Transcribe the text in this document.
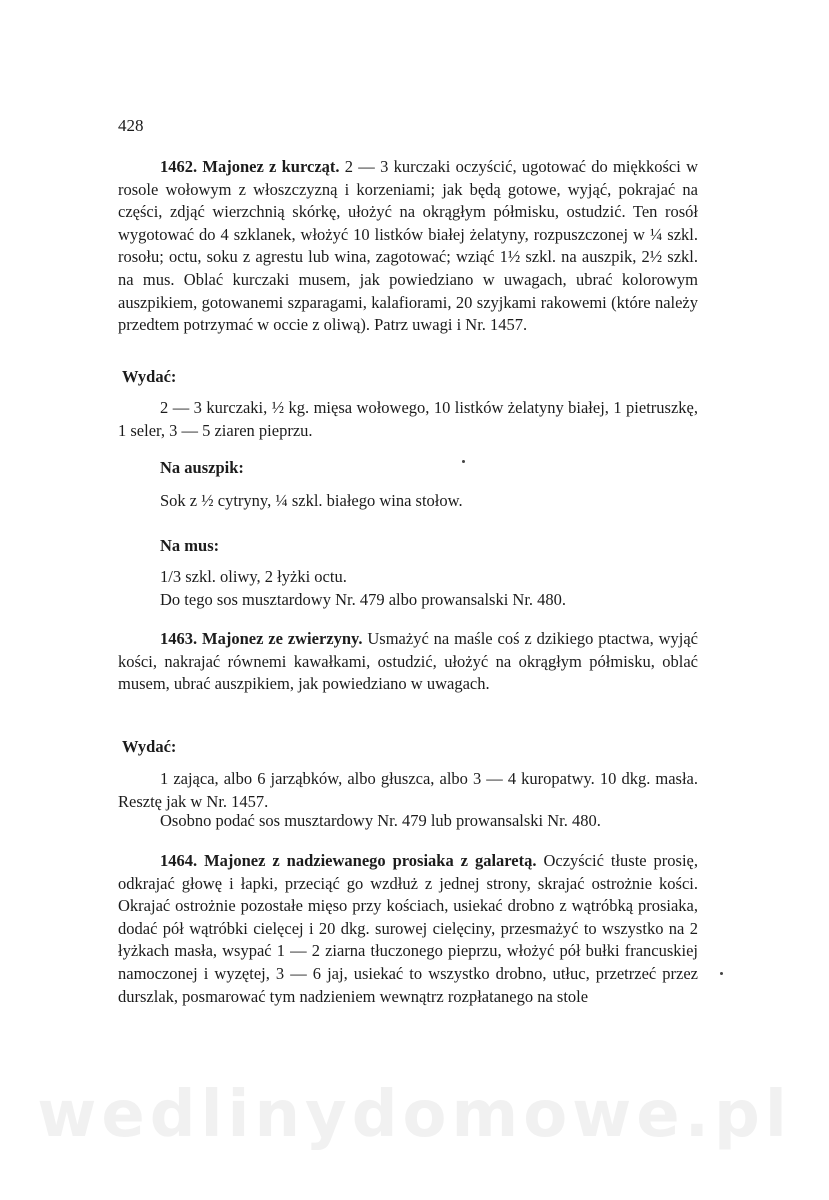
428

1462. Majonez z kurcząt. 2 — 3 kurczaki oczyścić, ugotować do miękkości w rosole wołowym z włoszczyzną i korzeniami; jak będą gotowe, wyjąć, pokrajać na części, zdjąć wierzchnią skórkę, ułożyć na okrągłym półmisku, ostudzić. Ten rosół wygotować do 4 szklanek, włożyć 10 listków białej żelatyny, rozpuszczonej w ¼ szkl. rosołu; octu, soku z agrestu lub wina, zagotować; wziąć 1½ szkl. na auszpik, 2½ szkl. na mus. Oblać kurczaki musem, jak powiedziano w uwagach, ubrać kolorowym auszpikiem, gotowanemi szparagami, kalafiorami, 20 szyjkami rakowemi (które należy przedtem potrzymać w occie z oliwą). Patrz uwagi i Nr. 1457.

Wydać:

2 — 3 kurczaki, ½ kg. mięsa wołowego, 10 listków żelatyny białej, 1 pietruszkę, 1 seler, 3 — 5 ziaren pieprzu.

Na auszpik:
Sok z ½ cytryny, ¼ szkl. białego wina stołow.
Na mus:
1/3 szkl. oliwy, 2 łyżki octu.
Do tego sos musztardowy Nr. 479 albo prowansalski Nr. 480.

1463. Majonez ze zwierzyny. Usmażyć na maśle coś z dzikiego ptactwa, wyjąć kości, nakrajać równemi kawałkami, ostudzić, ułożyć na okrągłym półmisku, oblać musem, ubrać auszpikiem, jak powiedziano w uwagach.

Wydać:

1 zająca, albo 6 jarząbków, albo głuszca, albo 3 — 4 kuropatwy. 10 dkg. masła. Resztę jak w Nr. 1457.

Osobno podać sos musztardowy Nr. 479 lub prowansalski Nr. 480.

1464. Majonez z nadziewanego prosiaka z galaretą. Oczyścić tłuste prosię, odkrajać głowę i łapki, przeciąć go wzdłuż z jednej strony, skrajać ostrożnie kości. Okrajać ostrożnie pozostałe mięso przy kościach, usiekać drobno z wątróbką prosiaka, dodać pół wątróbki cielęcej i 20 dkg. surowej cielęciny, przesmażyć to wszystko na 2 łyżkach masła, wsypać 1 — 2 ziarna tłuczonego pieprzu, włożyć pół bułki francuskiej namoczonej i wyzętej, 3 — 6 jaj, usiekać to wszystko drobno, utłuc, przetrzeć przez durszlak, posmarować tym nadzieniem wewnątrz rozpłatanego na stole

wedlinydomowe.pl
